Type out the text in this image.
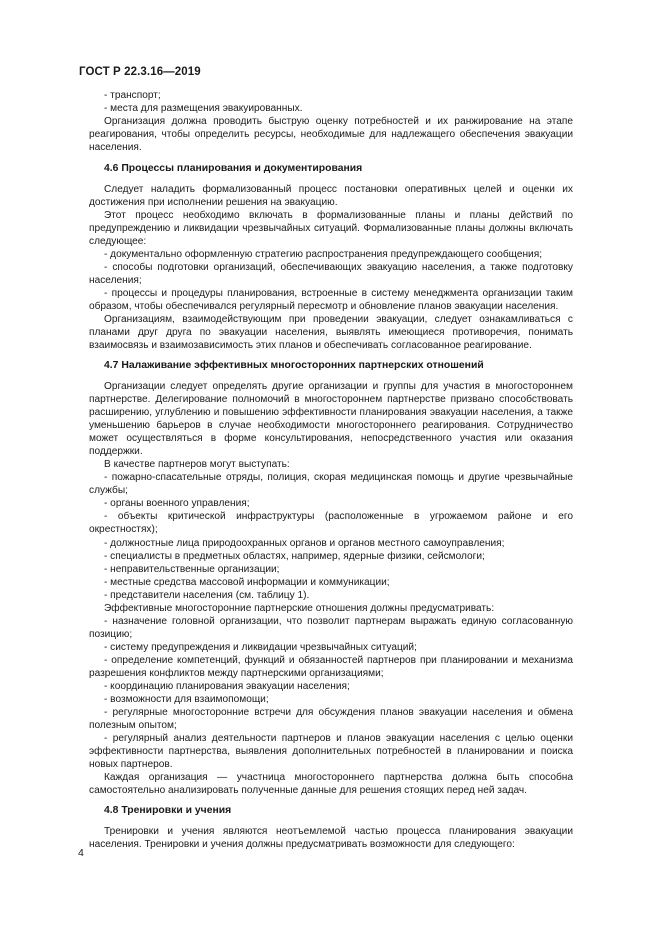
ГОСТ Р 22.3.16—2019

- транспорт;

- места для размещения эвакуированных.

Организация должна проводить быструю оценку потребностей и их ранжирование на этапе реагирования, чтобы определить ресурсы, необходимые для надлежащего обеспечения эвакуации населения.

4.6 Процессы планирования и документирования

Следует наладить формализованный процесс постановки оперативных целей и оценки их достижения при исполнении решения на эвакуацию.

Этот процесс необходимо включать в формализованные планы и планы действий по предупреждению и ликвидации чрезвычайных ситуаций. Формализованные планы должны включать следующее:

- документально оформленную стратегию распространения предупреждающего сообщения;

- способы подготовки организаций, обеспечивающих эвакуацию населения, а также подготовку населения;

- процессы и процедуры планирования, встроенные в систему менеджмента организации таким образом, чтобы обеспечивался регулярный пересмотр и обновление планов эвакуации населения.

Организациям, взаимодействующим при проведении эвакуации, следует ознакамливаться с планами друг друга по эвакуации населения, выявлять имеющиеся противоречия, понимать взаимосвязь и взаимозависимость этих планов и обеспечивать согласованное реагирование.

4.7 Налаживание эффективных многосторонних партнерских отношений

Организации следует определять другие организации и группы для участия в многостороннем партнерстве. Делегирование полномочий в многостороннем партнерстве призвано способствовать расширению, углублению и повышению эффективности планирования эвакуации населения, а также уменьшению барьеров в случае необходимости многостороннего реагирования. Сотрудничество может осуществляться в форме консультирования, непосредственного участия или оказания поддержки.

В качестве партнеров могут выступать:

- пожарно-спасательные отряды, полиция, скорая медицинская помощь и другие чрезвычайные службы;

- органы военного управления;

- объекты критической инфраструктуры (расположенные в угрожаемом районе и его окрестностях);

- должностные лица природоохранных органов и органов местного самоуправления;

- специалисты в предметных областях, например, ядерные физики, сейсмологи;

- неправительственные организации;

- местные средства массовой информации и коммуникации;

- представители населения (см. таблицу 1).

Эффективные многосторонние партнерские отношения должны предусматривать:

- назначение головной организации, что позволит партнерам выражать единую согласованную позицию;

- систему предупреждения и ликвидации чрезвычайных ситуаций;

- определение компетенций, функций и обязанностей партнеров при планировании и механизма разрешения конфликтов между партнерскими организациями;

- координацию планирования эвакуации населения;

- возможности для взаимопомощи;

- регулярные многосторонние встречи для обсуждения планов эвакуации населения и обмена полезным опытом;

- регулярный анализ деятельности партнеров и планов эвакуации населения с целью оценки эффективности партнерства, выявления дополнительных потребностей в планировании и поиска новых партнеров.

Каждая организация — участница многостороннего партнерства должна быть способна самостоятельно анализировать полученные данные для решения стоящих перед ней задач.

4.8 Тренировки и учения

Тренировки и учения являются неотъемлемой частью процесса планирования эвакуации населения. Тренировки и учения должны предусматривать возможности для следующего:

4
